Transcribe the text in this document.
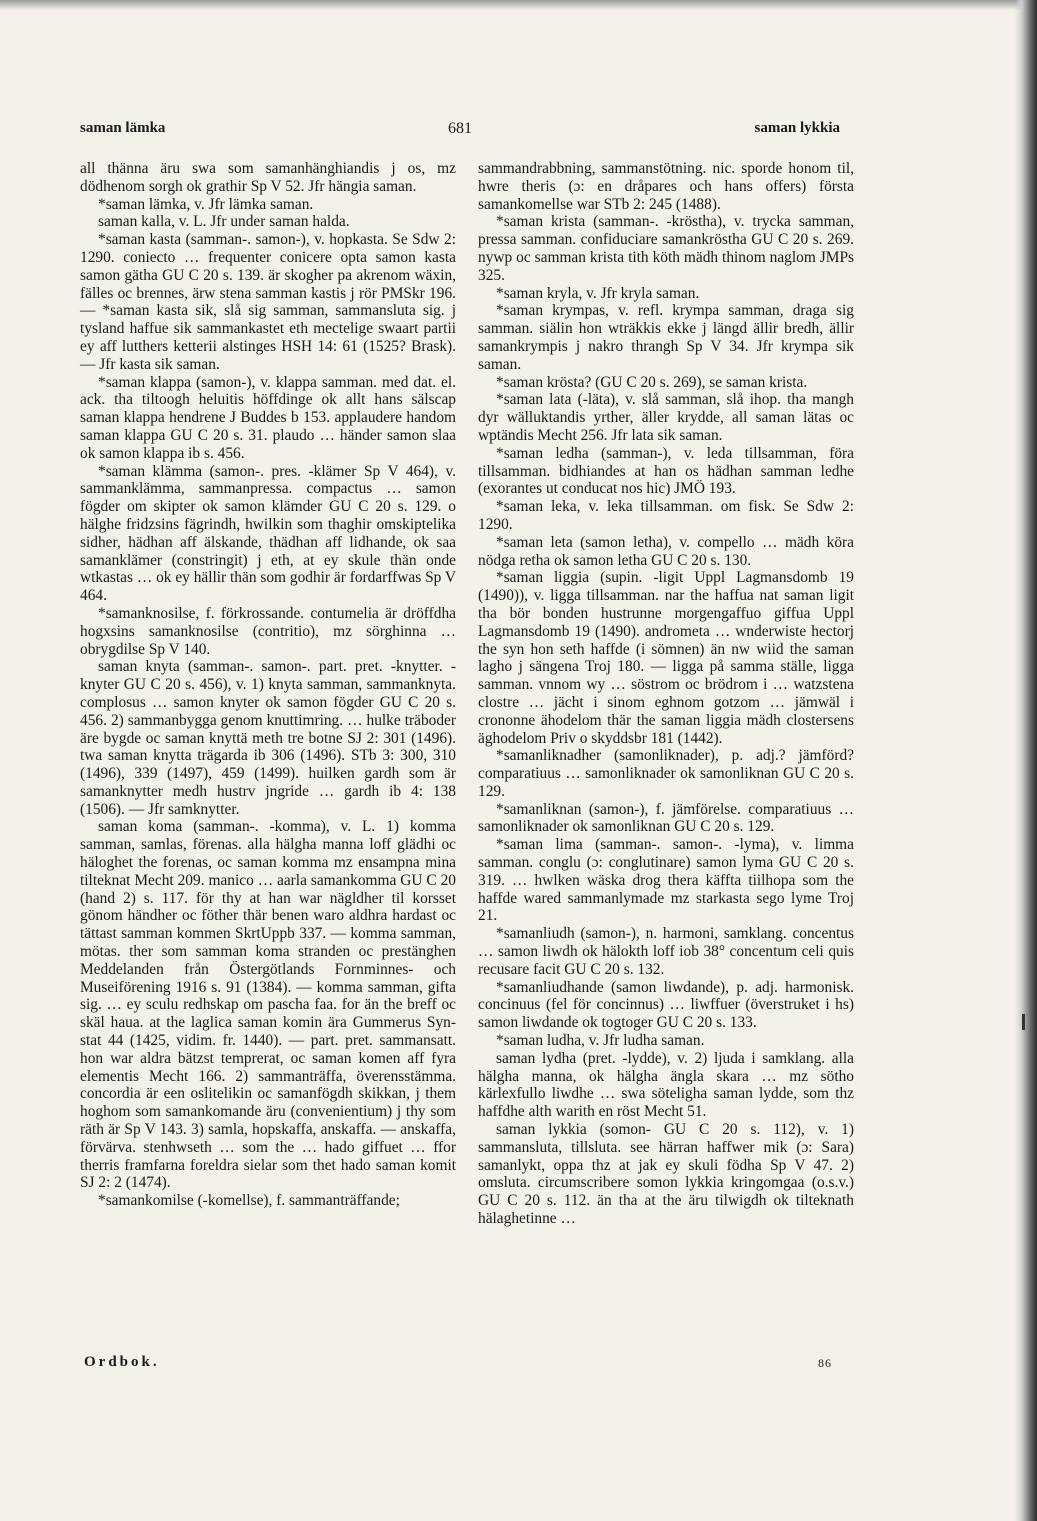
681
saman lämka	saman lykkia

all thänna äru swa som samanhänghiandis j os, mz dödhenom sorgh ok grathir Sp V 52. Jfr hängia saman.

*saman lämka, v. Jfr lämka saman.

saman kalla, v. L. Jfr under saman halda.

*saman kasta (samman-. samon-), v. hopkasta. Se Sdw 2: 1290. coniecto … frequenter conicere opta samon kasta samon gätha GU C 20 s. 139. är skogher pa akrenom wäxin, fälles oc brennes, ärw stena samman kastis j rör PMSkr 196. — *saman kasta sik, slå sig samman, sammansluta sig. j tysland haffue sik sammankastet eth mectelige swaart partii ey aff lutthers ketterii alstinges HSH 14: 61 (1525? Brask). — Jfr kasta sik saman.

*saman klappa (samon-), v. klappa samman. med dat. el. ack. tha tiltoogh heluitis höffdinge ok allt hans sälscap saman klappa hendrene J Buddes b 153. applaudere handom saman klappa GU C 20 s. 31. plaudo … händer samon slaa ok samon klappa ib s. 456.

*saman klämma (samon-. pres. -klämer Sp V 464), v. sammanklämma, sammanpressa. compactus … samon fögder om skipter ok samon klämder GU C 20 s. 129. o hälghe fridzsins fägrindh, hwilkin som thaghir omskiptelika sidher, hädhan aff älskande, thädhan aff lidhande, ok saa samanklämer (constringit) j eth, at ey skule thän onde wtkastas … ok ey hällir thän som godhir är fordarffwas Sp V 464.

*samanknosilse, f. förkrossande. contumelia är dröffdha hogxsins samanknosilse (contritio), mz sörghinna … obrygdilse Sp V 140.

saman knyta (samman-. samon-. part. pret. -knytter. -knyter GU C 20 s. 456), v. 1) knyta samman, sammanknyta. complosus … samon knyter ok samon fögder GU C 20 s. 456. 2) sammanbygga genom knuttimring. … hulke träboder äre bygde oc saman knyttä meth tre botne SJ 2: 301 (1496). twa saman knytta trägarda ib 306 (1496). STb 3: 300, 310 (1496), 339 (1497), 459 (1499). huilken gardh som är samanknytter medh hustrv jngride … gardh ib 4: 138 (1506). — Jfr samknytter.

saman koma (samman-. -komma), v. L. 1) komma samman, samlas, förenas. alla hälgha manna loff glädhi oc häloghet the forenas, oc saman komma mz ensampna mina tilteknat Mecht 209. manico … aarla samankomma GU C 20 (hand 2) s. 117. för thy at han war nägldher til korsset gönom händher oc föther thär benen waro aldhra hardast oc tättast samman kommen SkrtUppb 337. — komma samman, mötas. ther som samman koma stranden oc prestänghen Meddelanden från Östergötlands Fornminnes- och Museiförening 1916 s. 91 (1384). — komma samman, gifta sig. … ey sculu redhskap om pascha faa. for än the breff oc skäl haua. at the laglica saman komin ära Gummerus Syn-stat 44 (1425, vidim. fr. 1440). — part. pret. sammansatt. hon war aldra bätzst temprerat, oc saman komen aff fyra elementis Mecht 166. 2) sammanträffa, överensstämma. concordia är een oslitelikin oc samanfögdh skikkan, j them hoghom som samankomande äru (convenientium) j thy som räth är Sp V 143. 3) samla, hopskaffa, anskaffa. — anskaffa, förvärva. stenhwseth … som the … hado giffuet … ffor therris framfarna foreldra sielar som thet hado saman komit SJ 2: 2 (1474).

*samankomilse (-komellse), f. sammanträffande;

sammandrabbning, sammanstötning. nic. sporde honom til, hwre theris (ɔ: en dråpares och hans offers) första samankomellse war STb 2: 245 (1488).

*saman krista (samman-. -kröstha), v. trycka samman, pressa samman. confiduciare samankröstha GU C 20 s. 269. nywp oc samman krista tith köth mädh thinom naglom JMPs 325.

*saman kryla, v. Jfr kryla saman.

*saman krympas, v. refl. krympa samman, draga sig samman. siälin hon wträkkis ekke j längd ällir bredh, ällir samankrympis j nakro thrangh Sp V 34. Jfr krympa sik saman.

*saman krösta? (GU C 20 s. 269), se saman krista.

*saman lata (-läta), v. slå samman, slå ihop. tha mangh dyr wälluktandis yrther, äller krydde, all saman lätas oc wptändis Mecht 256. Jfr lata sik saman.

*saman ledha (samman-), v. leda tillsamman, föra tillsamman. bidhiandes at han os hädhan samman ledhe (exorantes ut conducat nos hic) JMÖ 193.

*saman leka, v. leka tillsamman. om fisk. Se Sdw 2: 1290.

*saman leta (samon letha), v. compello … mädh köra nödga retha ok samon letha GU C 20 s. 130.

*saman liggia (supin. -ligit Uppl Lagmansdomb 19 (1490)), v. ligga tillsamman. nar the haffua nat saman ligit tha bör bonden hustrunne morgengaffuo giffua Uppl Lagmansdomb 19 (1490). andrometa … wnderwiste hectorj the syn hon seth haffde (i sömnen) än nw wiid the saman lagho j sängena Troj 180. — ligga på samma ställe, ligga samman. vnnom wy … söstrom oc brödrom i … watzstena clostre … jächt i sinom eghnom gotzom … jämwäl i crononne ähodelom thär the saman liggia mädh clostersens äghodelom Priv o skyddsbr 181 (1442).

*samanliknadher (samonliknader), p. adj.? jämförd? comparatiuus … samonliknader ok samonliknan GU C 20 s. 129.

*samanliknan (samon-), f. jämförelse. comparatiuus … samonliknader ok samonliknan GU C 20 s. 129.

*saman lima (samman-. samon-. -lyma), v. limma samman. conglu (ɔ: conglutinare) samon lyma GU C 20 s. 319. … hwlken wäska drog thera käffta tiilhopa som the haffde wared sammanlymade mz starkasta sego lyme Troj 21.

*samanliudh (samon-), n. harmoni, samklang. concentus … samon liwdh ok hälokth loff iob 38° concentum celi quis recusare facit GU C 20 s. 132.

*samanliudhande (samon liwdande), p. adj. harmonisk. concinuus (fel för concinnus) … liwffuer (överstruket i hs) samon liwdande ok togtoger GU C 20 s. 133.

*saman ludha, v. Jfr ludha saman.

saman lydha (pret. -lydde), v. 2) ljuda i samklang. alla hälgha manna, ok hälgha ängla skara … mz sötho kärlexfullo liwdhe … swa söteligha saman lydde, som thz haffdhe alth warith en röst Mecht 51.

saman lykkia (somon- GU C 20 s. 112), v. 1) sammansluta, tillsluta. see härran haffwer mik (ɔ: Sara) samanlykt, oppa thz at jak ey skuli födha Sp V 47. 2) omsluta. circumscribere somon lykkia kringomgaa (o.s.v.) GU C 20 s. 112. än tha at the äru tilwigdh ok tilteknath hälaghetinne …

Ordbok.	86
